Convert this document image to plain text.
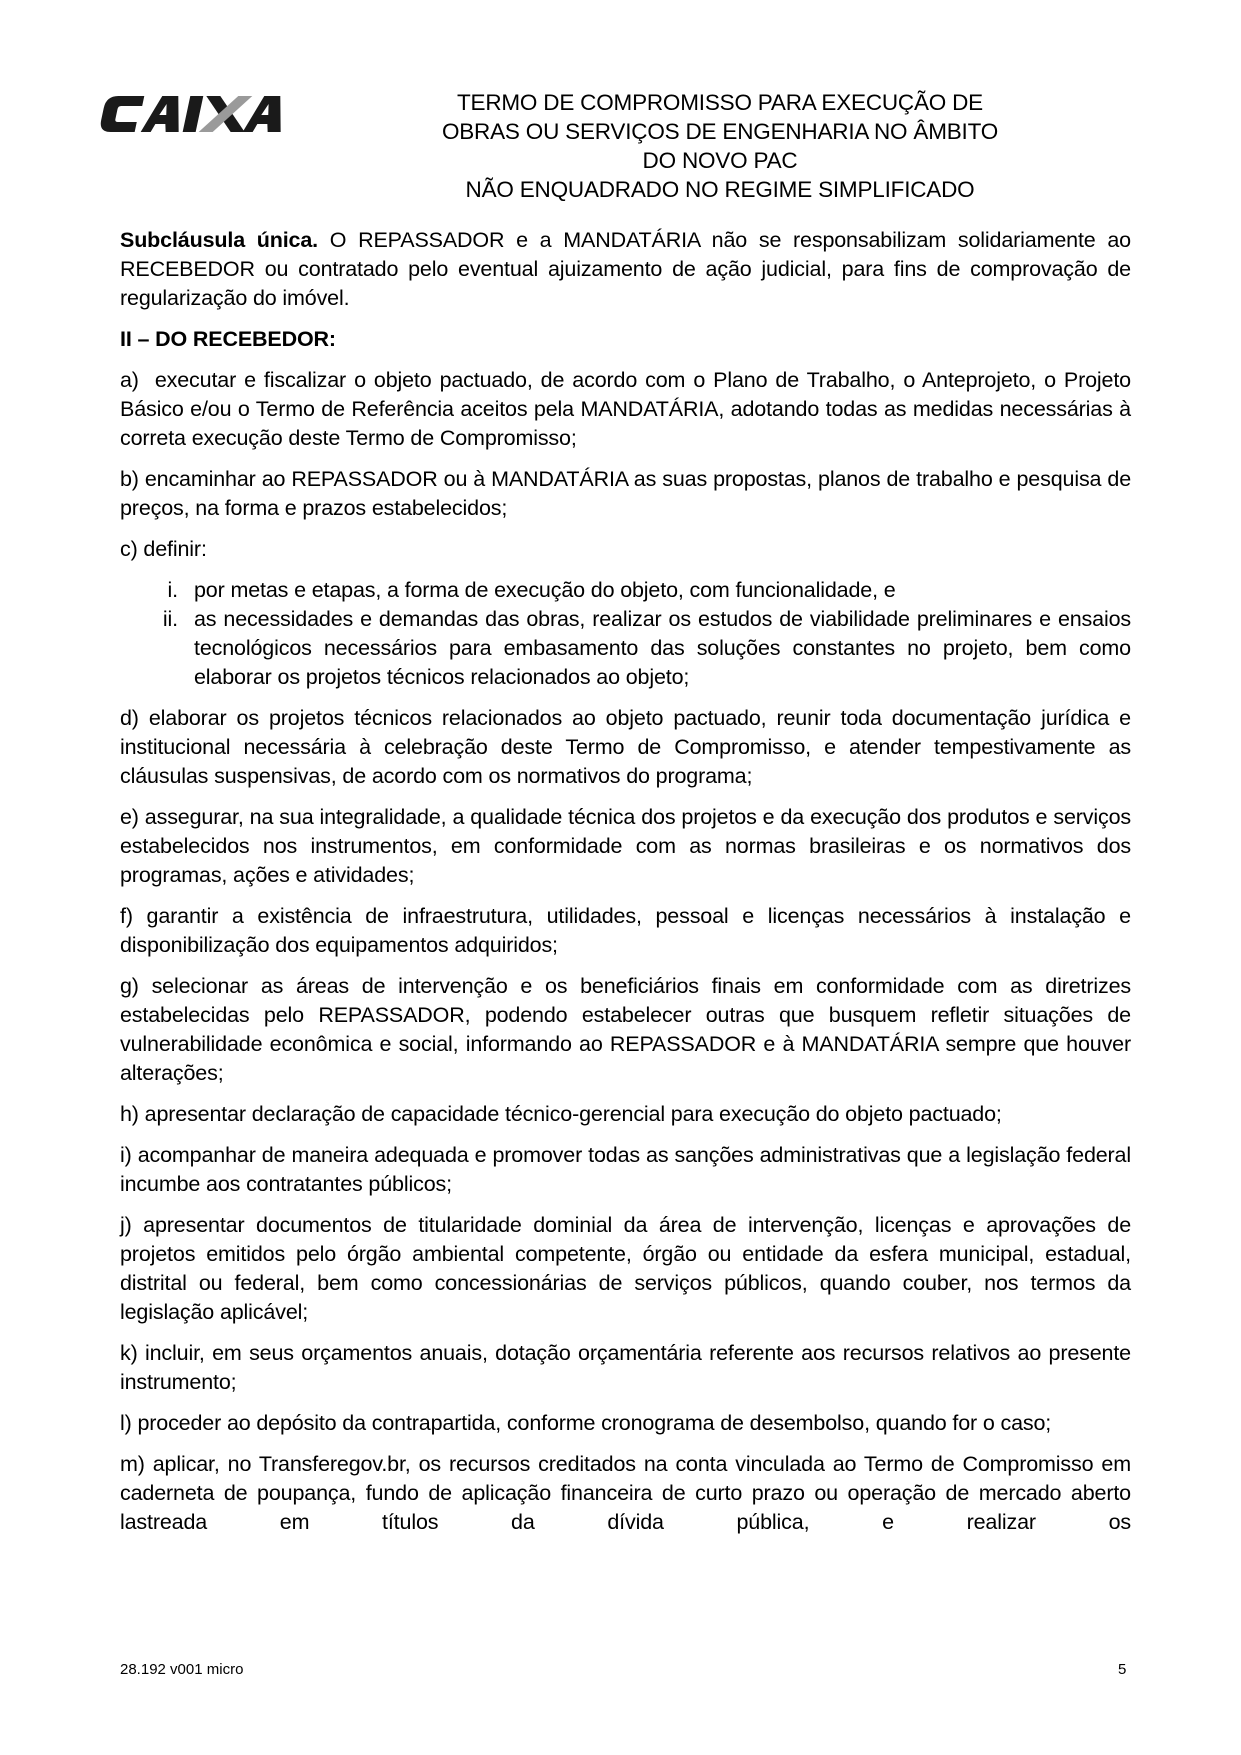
TERMO DE COMPROMISSO PARA EXECUÇÃO DE
OBRAS OU SERVIÇOS DE ENGENHARIA NO ÂMBITO
DO NOVO PAC
NÃO ENQUADRADO NO REGIME SIMPLIFICADO

Subcláusula única. O REPASSADOR e a MANDATÁRIA não se responsabilizam solidariamente ao RECEBEDOR ou contratado pelo eventual ajuizamento de ação judicial, para fins de comprovação de regularização do imóvel.

II – DO RECEBEDOR:

a)  executar e fiscalizar o objeto pactuado, de acordo com o Plano de Trabalho, o Anteprojeto, o Projeto Básico e/ou o Termo de Referência aceitos pela MANDATÁRIA, adotando todas as medidas necessárias à correta execução deste Termo de Compromisso;

b) encaminhar ao REPASSADOR ou à MANDATÁRIA as suas propostas, planos de trabalho e pesquisa de preços, na forma e prazos estabelecidos;

c) definir:

i. por metas e etapas, a forma de execução do objeto, com funcionalidade, e
ii. as necessidades e demandas das obras, realizar os estudos de viabilidade preliminares e ensaios tecnológicos necessários para embasamento das soluções constantes no projeto, bem como elaborar os projetos técnicos relacionados ao objeto;

d) elaborar os projetos técnicos relacionados ao objeto pactuado, reunir toda documentação jurídica e institucional necessária à celebração deste Termo de Compromisso, e atender tempestivamente as cláusulas suspensivas, de acordo com os normativos do programa;

e) assegurar, na sua integralidade, a qualidade técnica dos projetos e da execução dos produtos e serviços estabelecidos nos instrumentos, em conformidade com as normas brasileiras e os normativos dos programas, ações e atividades;

f) garantir a existência de infraestrutura, utilidades, pessoal e licenças necessários à instalação e disponibilização dos equipamentos adquiridos;

g) selecionar as áreas de intervenção e os beneficiários finais em conformidade com as diretrizes estabelecidas pelo REPASSADOR, podendo estabelecer outras que busquem refletir situações de vulnerabilidade econômica e social, informando ao REPASSADOR e à MANDATÁRIA sempre que houver alterações;

h) apresentar declaração de capacidade técnico-gerencial para execução do objeto pactuado;

i) acompanhar de maneira adequada e promover todas as sanções administrativas que a legislação federal incumbe aos contratantes públicos;

j) apresentar documentos de titularidade dominial da área de intervenção, licenças e aprovações de projetos emitidos pelo órgão ambiental competente, órgão ou entidade da esfera municipal, estadual, distrital ou federal, bem como concessionárias de serviços públicos, quando couber, nos termos da legislação aplicável;

k) incluir, em seus orçamentos anuais, dotação orçamentária referente aos recursos relativos ao presente instrumento;

l) proceder ao depósito da contrapartida, conforme cronograma de desembolso, quando for o caso;

m) aplicar, no Transferegov.br, os recursos creditados na conta vinculada ao Termo de Compromisso em caderneta de poupança, fundo de aplicação financeira de curto prazo ou operação de mercado aberto lastreada em títulos da dívida pública, e realizar os

28.192 v001 micro	5
